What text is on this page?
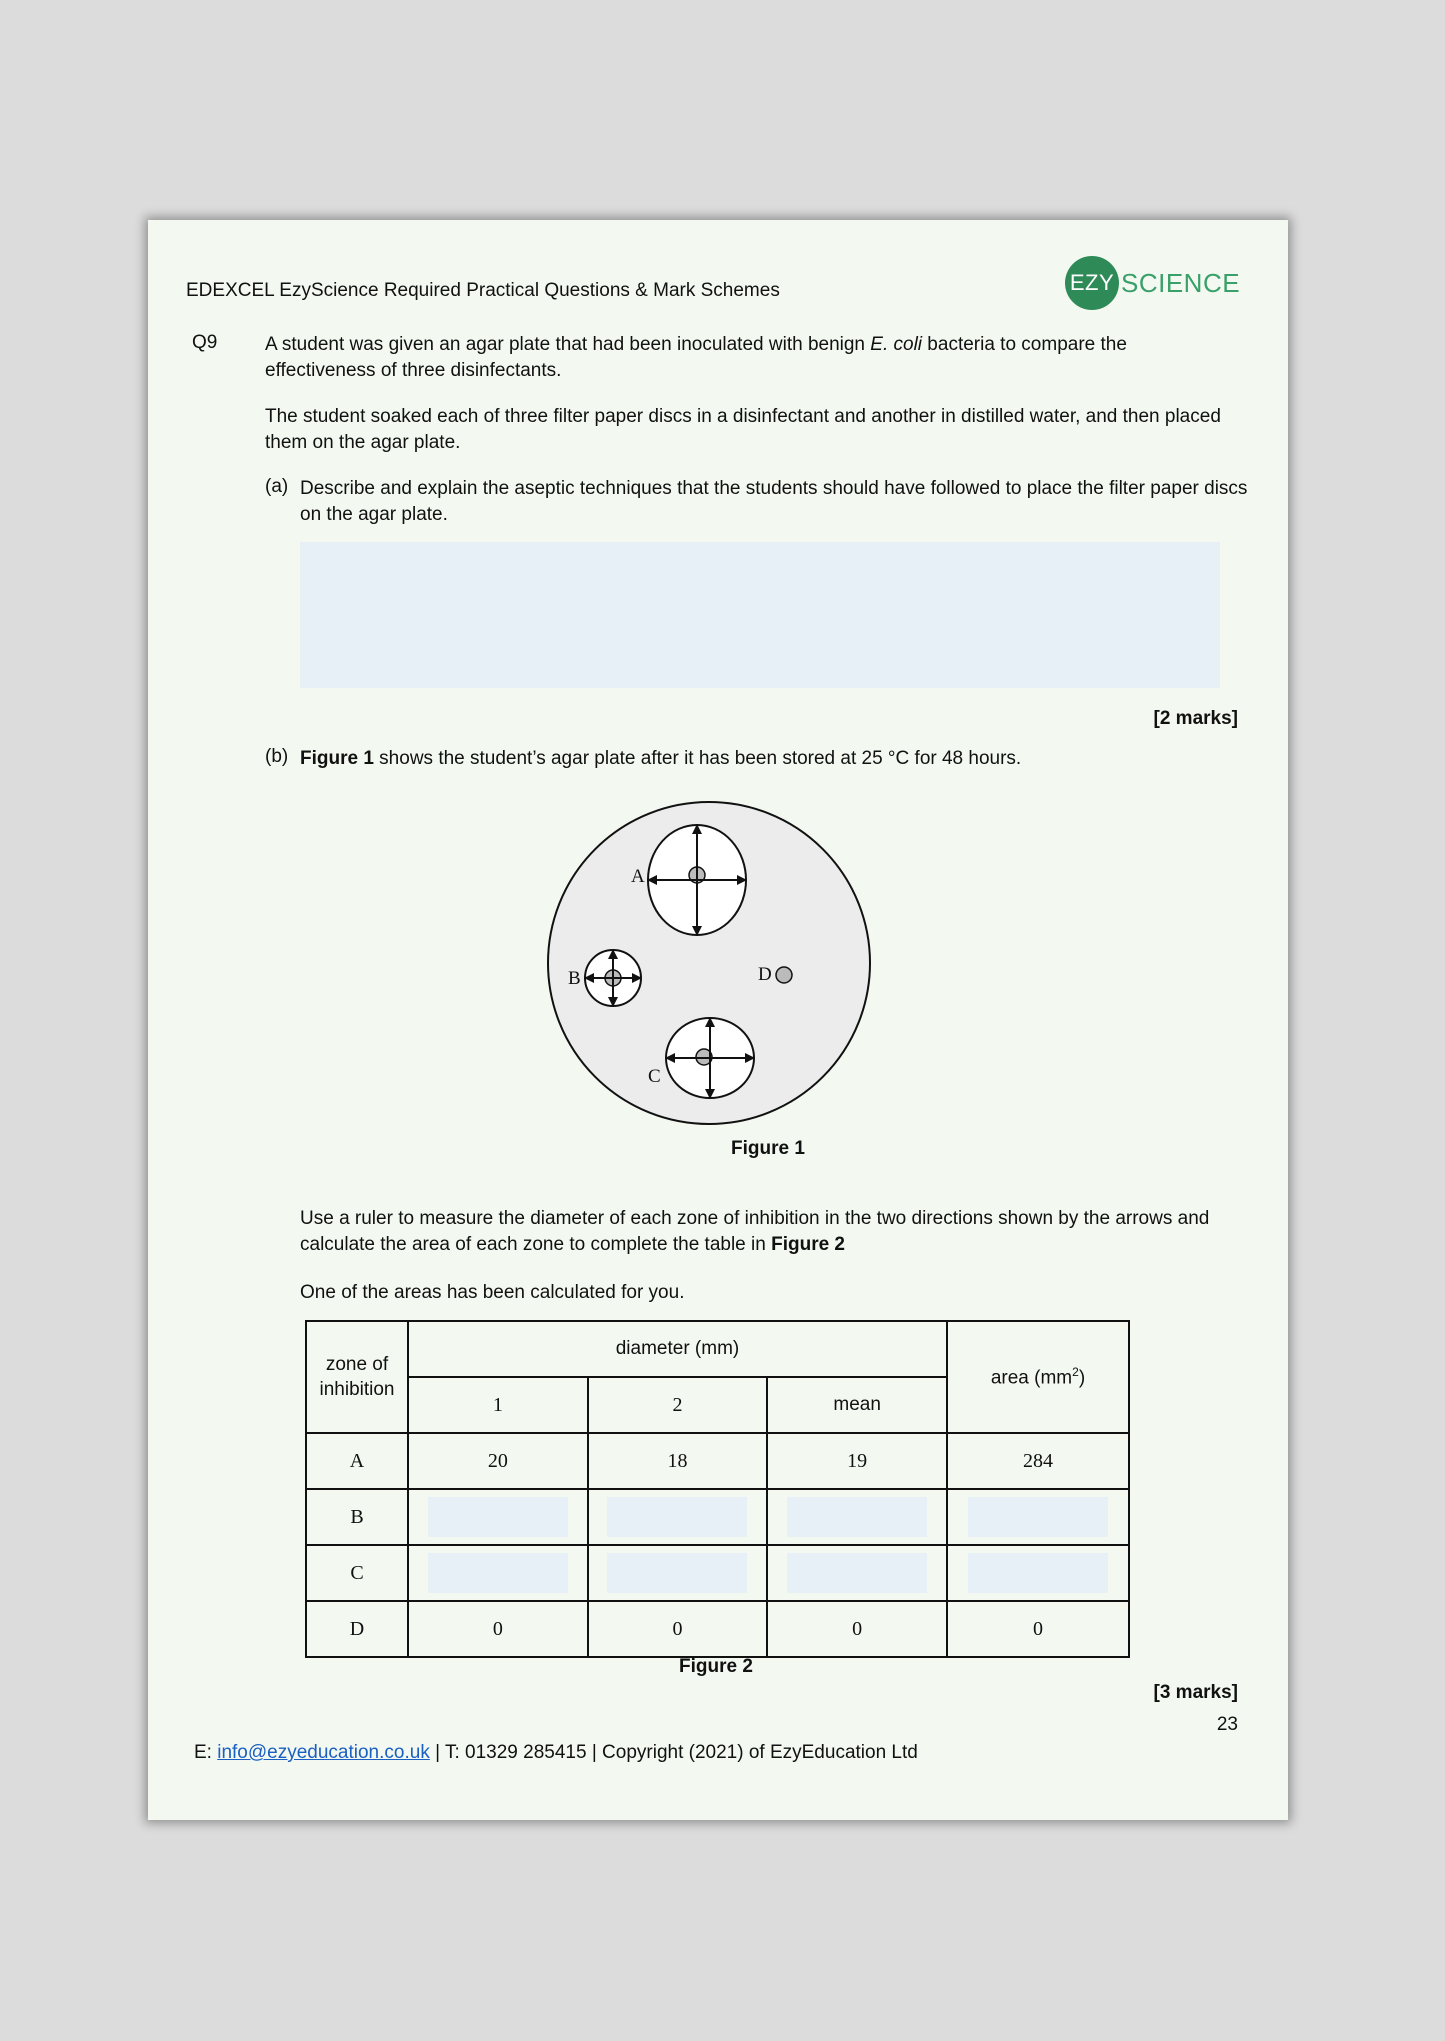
EDEXCEL EzyScience Required Practical Questions & Mark Schemes	EZY SCIENCE
Q9	A student was given an agar plate that had been inoculated with benign E. coli bacteria to compare the effectiveness of three disinfectants.
The student soaked each of three filter paper discs in a disinfectant and another in distilled water, and then placed them on the agar plate.
(a) Describe and explain the aseptic techniques that the students should have followed to place the filter paper discs on the agar plate.
[2 marks]
(b) Figure 1 shows the student’s agar plate after it has been stored at 25 °C for 48 hours.
A
B
C
D
Figure 1
Use a ruler to measure the diameter of each zone of inhibition in the two directions shown by the arrows and calculate the area of each zone to complete the table in Figure 2
One of the areas has been calculated for you.
zone of inhibition	diameter (mm)			area $(mm^2)$
	1	2	mean	
A	20	18	19	284
B	

C	

D	0	0	0	0
Figure 2
[3 marks]
23
E: info@ezyeducation.co.uk | T: 01329 285415 | Copyright (2021) of EzyEducation Ltd
